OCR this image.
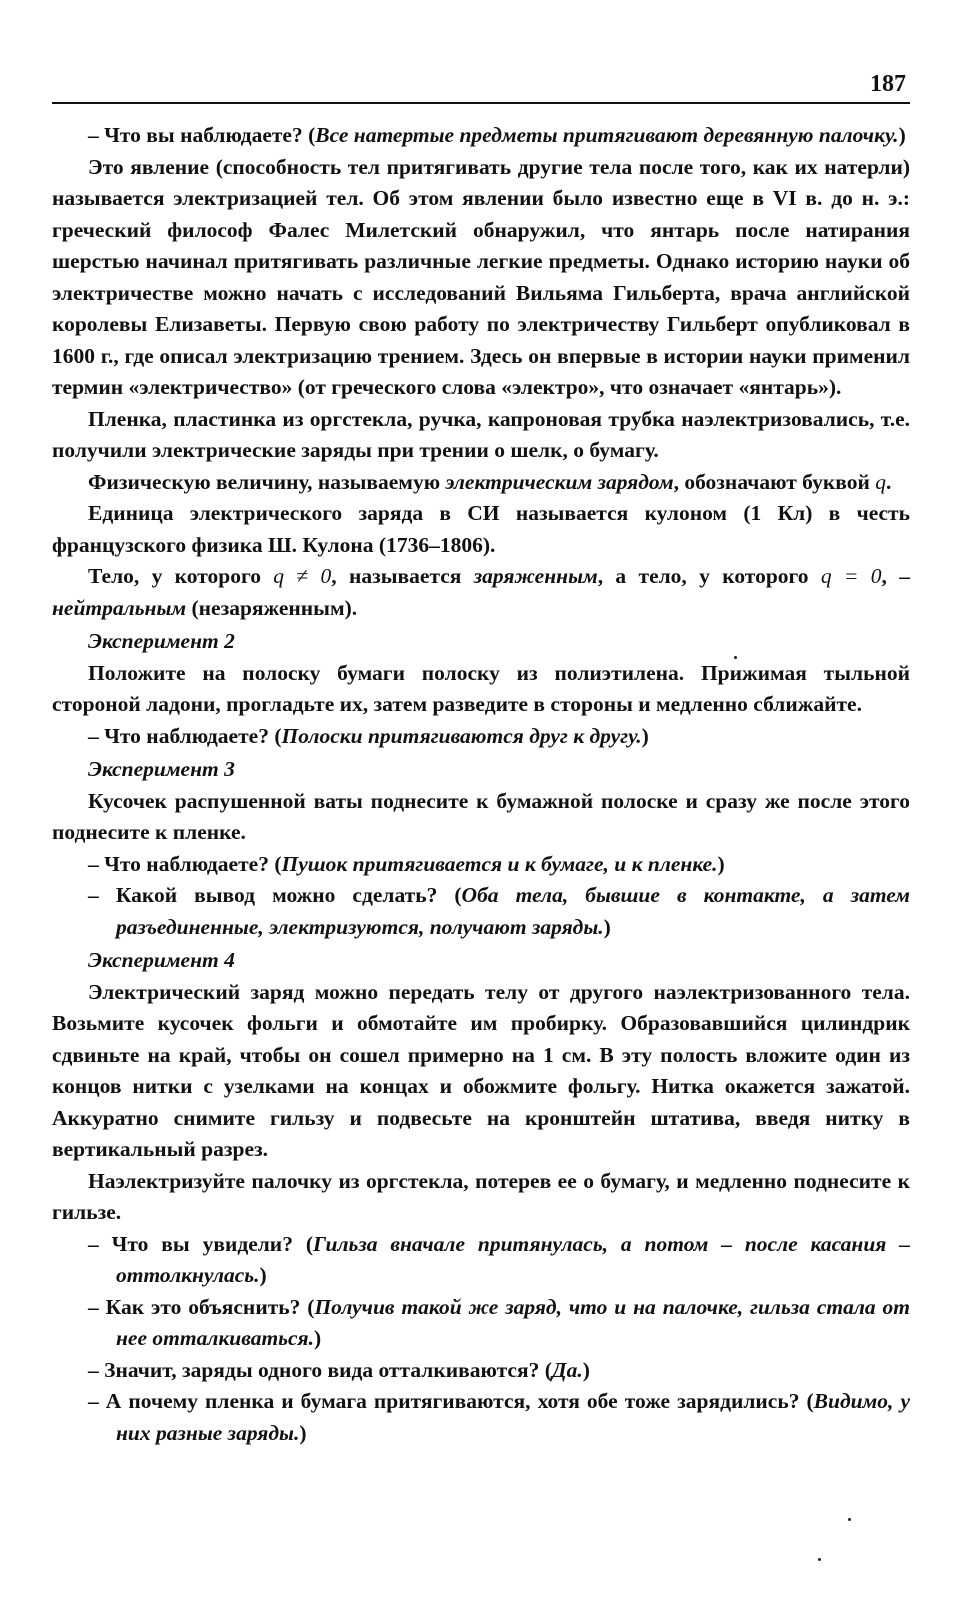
187

– Что вы наблюдаете? (Все натертые предметы притягивают деревянную палочку.)

Это явление (способность тел притягивать другие тела после того, как их натерли) называется электризацией тел. Об этом явлении было известно еще в VI в. до н. э.: греческий философ Фалес Милетский обнаружил, что янтарь после натирания шерстью начинал притягивать различные легкие предметы. Однако историю науки об электричестве можно начать с исследований Вильяма Гильберта, врача английской королевы Елизаветы. Первую свою работу по электричеству Гильберт опубликовал в 1600 г., где описал электризацию трением. Здесь он впервые в истории науки применил термин «электричество» (от греческого слова «электро», что означает «янтарь»).

Пленка, пластинка из оргстекла, ручка, капроновая трубка наэлектризовались, т.е. получили электрические заряды при трении о шелк, о бумагу.

Физическую величину, называемую электрическим зарядом, обозначают буквой q.

Единица электрического заряда в СИ называется кулоном (1 Кл) в честь французского физика Ш. Кулона (1736–1806).

Тело, у которого q ≠ 0, называется заряженным, а тело, у которого q = 0, – нейтральным (незаряженным).

Эксперимент 2

Положите на полоску бумаги полоску из полиэтилена. Прижимая тыльной стороной ладони, прогладьте их, затем разведите в стороны и медленно сближайте.

– Что наблюдаете? (Полоски притягиваются друг к другу.)

Эксперимент 3

Кусочек распушенной ваты поднесите к бумажной полоске и сразу же после этого поднесите к пленке.

– Что наблюдаете? (Пушок притягивается и к бумаге, и к пленке.)

– Какой вывод можно сделать? (Оба тела, бывшие в контакте, а затем разъединенные, электризуются, получают заряды.)

Эксперимент 4

Электрический заряд можно передать телу от другого наэлектризованного тела. Возьмите кусочек фольги и обмотайте им пробирку. Образовавшийся цилиндрик сдвиньте на край, чтобы он сошел примерно на 1 см. В эту полость вложите один из концов нитки с узелками на концах и обожмите фольгу. Нитка окажется зажатой. Аккуратно снимите гильзу и подвесьте на кронштейн штатива, введя нитку в вертикальный разрез.

Наэлектризуйте палочку из оргстекла, потерев ее о бумагу, и медленно поднесите к гильзе.

– Что вы увидели? (Гильза вначале притянулась, а потом – после касания – оттолкнулась.)

– Как это объяснить? (Получив такой же заряд, что и на палочке, гильза стала от нее отталкиваться.)

– Значит, заряды одного вида отталкиваются? (Да.)

– А почему пленка и бумага притягиваются, хотя обе тоже зарядились? (Видимо, у них разные заряды.)
